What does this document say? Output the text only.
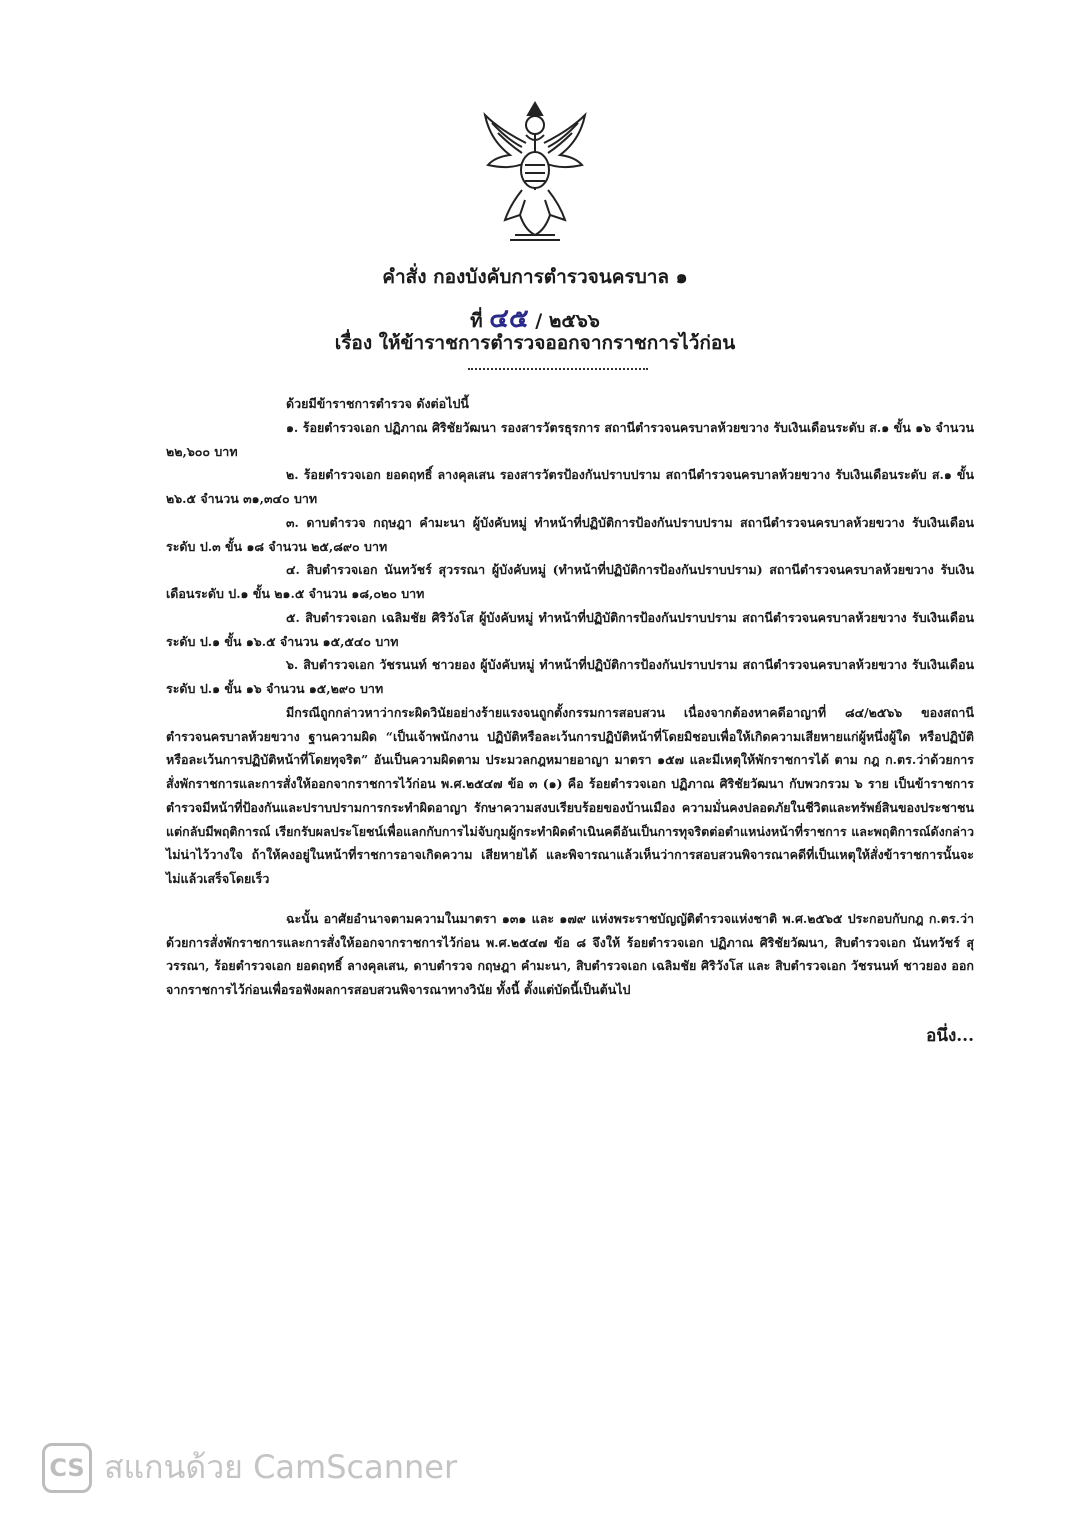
คำสั่ง กองบังคับการตำรวจนครบาล ๑
ที่ ๔๕ / ๒๕๖๖
เรื่อง ให้ข้าราชการตำรวจออกจากราชการไว้ก่อน

ด้วยมีข้าราชการตำรวจ ดังต่อไปนี้

๑. ร้อยตำรวจเอก ปฏิภาณ ศิริชัยวัฒนา รองสารวัตรธุรการ สถานีตำรวจนครบาลห้วยขวาง รับเงินเดือนระดับ ส.๑ ขั้น ๑๖ จำนวน ๒๒,๖๐๐ บาท

๒. ร้อยตำรวจเอก ยอดฤทธิ์ ลางคุลเสน รองสารวัตรป้องกันปราบปราม สถานีตำรวจนครบาลห้วยขวาง รับเงินเดือนระดับ ส.๑ ขั้น ๒๖.๕ จำนวน ๓๑,๓๔๐ บาท

๓. ดาบตำรวจ กฤษฎา คำมะนา ผู้บังคับหมู่ ทำหน้าที่ปฏิบัติการป้องกันปราบปราม สถานีตำรวจนครบาลห้วยขวาง รับเงินเดือนระดับ ป.๓ ขั้น ๑๘ จำนวน ๒๕,๘๙๐ บาท

๔. สิบตำรวจเอก นันทวัชร์ สุวรรณา ผู้บังคับหมู่ (ทำหน้าที่ปฏิบัติการป้องกันปราบปราม) สถานีตำรวจนครบาลห้วยขวาง รับเงินเดือนระดับ ป.๑ ขั้น ๒๑.๕ จำนวน ๑๘,๐๒๐ บาท

๕. สิบตำรวจเอก เฉลิมชัย ศิริวังโส ผู้บังคับหมู่ ทำหน้าที่ปฏิบัติการป้องกันปราบปราม สถานีตำรวจนครบาลห้วยขวาง รับเงินเดือนระดับ ป.๑ ขั้น ๑๖.๕ จำนวน ๑๕,๕๔๐ บาท

๖. สิบตำรวจเอก วัชรนนท์ ชาวยอง ผู้บังคับหมู่ ทำหน้าที่ปฏิบัติการป้องกันปราบปราม สถานีตำรวจนครบาลห้วยขวาง รับเงินเดือนระดับ ป.๑ ขั้น ๑๖ จำนวน ๑๕,๒๙๐ บาท

มีกรณีถูกกล่าวหาว่ากระผิดวินัยอย่างร้ายแรงจนถูกตั้งกรรมการสอบสวน เนื่องจากต้องหาคดีอาญาที่ ๘๔/๒๕๖๖ ของสถานีตำรวจนครบาลห้วยขวาง ฐานความผิด “เป็นเจ้าพนักงาน ปฏิบัติหรือละเว้นการปฏิบัติหน้าที่โดยมิชอบเพื่อให้เกิดความเสียหายแก่ผู้หนึ่งผู้ใด หรือปฏิบัติหรือละเว้นการปฏิบัติหน้าที่โดยทุจริต” อันเป็นความผิดตาม ประมวลกฎหมายอาญา มาตรา ๑๕๗ และมีเหตุให้พักราชการได้ ตาม กฎ ก.ตร.ว่าด้วยการสั่งพักราชการและการสั่งให้ออกจากราชการไว้ก่อน พ.ศ.๒๕๔๗ ข้อ ๓ (๑) คือ ร้อยตำรวจเอก ปฏิภาณ ศิริชัยวัฒนา กับพวกรวม ๖ ราย เป็นข้าราชการตำรวจมีหน้าที่ป้องกันและปราบปรามการกระทำผิดอาญา รักษาความสงบเรียบร้อยของบ้านเมือง ความมั่นคงปลอดภัยในชีวิตและทรัพย์สินของประชาชน แต่กลับมีพฤติการณ์ เรียกรับผลประโยชน์เพื่อแลกกับการไม่จับกุมผู้กระทำผิดดำเนินคดีอันเป็นการทุจริตต่อตำแหน่งหน้าที่ราชการ และพฤติการณ์ดังกล่าวไม่น่าไว้วางใจ ถ้าให้คงอยู่ในหน้าที่ราชการอาจเกิดความ เสียหายได้ และพิจารณาแล้วเห็นว่าการสอบสวนพิจารณาคดีที่เป็นเหตุให้สั่งข้าราชการนั้นจะไม่แล้วเสร็จโดยเร็ว

ฉะนั้น อาศัยอำนาจตามความในมาตรา ๑๓๑ และ ๑๗๙ แห่งพระราชบัญญัติตำรวจแห่งชาติ พ.ศ.๒๕๖๕ ประกอบกับกฎ ก.ตร.ว่าด้วยการสั่งพักราชการและการสั่งให้ออกจากราชการไว้ก่อน พ.ศ.๒๕๔๗ ข้อ ๘ จึงให้ ร้อยตำรวจเอก ปฏิภาณ ศิริชัยวัฒนา, สิบตำรวจเอก นันทวัชร์ สุวรรณา, ร้อยตำรวจเอก ยอดฤทธิ์ ลางคุลเสน, ดาบตำรวจ กฤษฎา คำมะนา, สิบตำรวจเอก เฉลิมชัย ศิริวังโส และ สิบตำรวจเอก วัชรนนท์ ชาวยอง ออกจากราชการไว้ก่อนเพื่อรอฟังผลการสอบสวนพิจารณาทางวินัย ทั้งนี้ ตั้งแต่บัดนี้เป็นต้นไป

อนึ่ง...
CS สแกนด้วย CamScanner
